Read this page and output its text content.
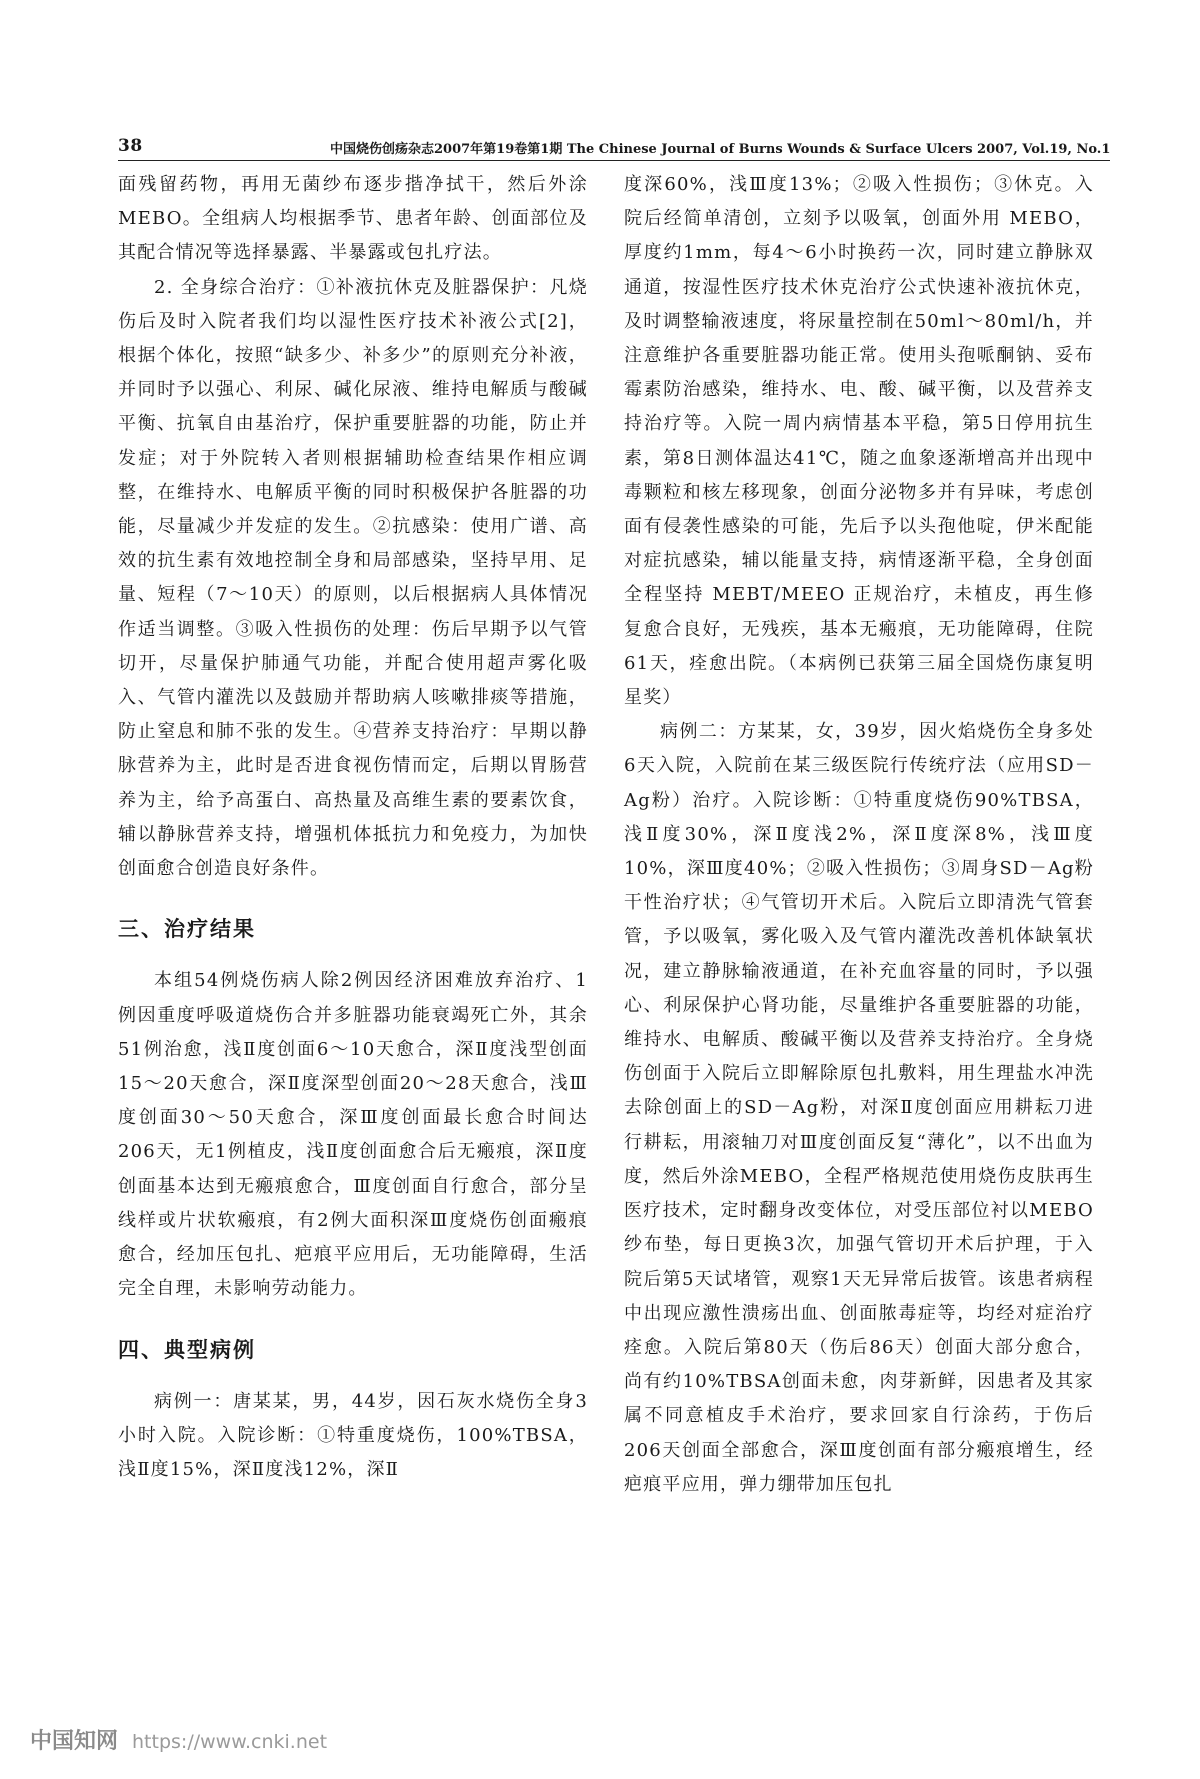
38	中国烧伤创疡杂志2007年第19卷第1期 The Chinese Journal of Burns Wounds & Surface Ulcers 2007, Vol.19, No.1

面残留药物，再用无菌纱布逐步揩净拭干，然后外涂 MEBO。全组病人均根据季节、患者年龄、创面部位及其配合情况等选择暴露、半暴露或包扎疗法。

2. 全身综合治疗：①补液抗休克及脏器保护：凡烧伤后及时入院者我们均以湿性医疗技术补液公式[2]，根据个体化，按照“缺多少、补多少”的原则充分补液，并同时予以强心、利尿、碱化尿液、维持电解质与酸碱平衡、抗氧自由基治疗，保护重要脏器的功能，防止并发症；对于外院转入者则根据辅助检查结果作相应调整，在维持水、电解质平衡的同时积极保护各脏器的功能，尽量减少并发症的发生。②抗感染：使用广谱、高效的抗生素有效地控制全身和局部感染，坚持早用、足量、短程（7～10天）的原则，以后根据病人具体情况作适当调整。③吸入性损伤的处理：伤后早期予以气管切开，尽量保护肺通气功能，并配合使用超声雾化吸入、气管内灌洗以及鼓励并帮助病人咳嗽排痰等措施，防止窒息和肺不张的发生。④营养支持治疗：早期以静脉营养为主，此时是否进食视伤情而定，后期以胃肠营养为主，给予高蛋白、高热量及高维生素的要素饮食，辅以静脉营养支持，增强机体抵抗力和免疫力，为加快创面愈合创造良好条件。

三、治疗结果

本组54例烧伤病人除2例因经济困难放弃治疗、1例因重度呼吸道烧伤合并多脏器功能衰竭死亡外，其余51例治愈，浅Ⅱ度创面6～10天愈合，深Ⅱ度浅型创面15～20天愈合，深Ⅱ度深型创面20～28天愈合，浅Ⅲ度创面30～50天愈合，深Ⅲ度创面最长愈合时间达206天，无1例植皮，浅Ⅱ度创面愈合后无瘢痕，深Ⅱ度创面基本达到无瘢痕愈合，Ⅲ度创面自行愈合，部分呈线样或片状软瘢痕，有2例大面积深Ⅲ度烧伤创面瘢痕愈合，经加压包扎、疤痕平应用后，无功能障碍，生活完全自理，未影响劳动能力。

四、典型病例

病例一：唐某某，男，44岁，因石灰水烧伤全身3小时入院。入院诊断：①特重度烧伤，100%TBSA，浅Ⅱ度15%，深Ⅱ度浅12%，深Ⅱ

度深60%，浅Ⅲ度13%；②吸入性损伤；③休克。入院后经简单清创，立刻予以吸氧，创面外用 MEBO，厚度约1mm，每4～6小时换药一次，同时建立静脉双通道，按湿性医疗技术休克治疗公式快速补液抗休克，及时调整输液速度，将尿量控制在50ml～80ml/h，并注意维护各重要脏器功能正常。使用头孢哌酮钠、妥布霉素防治感染，维持水、电、酸、碱平衡，以及营养支持治疗等。入院一周内病情基本平稳，第5日停用抗生素，第8日测体温达41℃，随之血象逐渐增高并出现中毒颗粒和核左移现象，创面分泌物多并有异味，考虑创面有侵袭性感染的可能，先后予以头孢他啶，伊米配能对症抗感染，辅以能量支持，病情逐渐平稳，全身创面全程坚持 MEBT/MEEO 正规治疗，未植皮，再生修复愈合良好，无残疾，基本无瘢痕，无功能障碍，住院61天，痊愈出院。（本病例已获第三届全国烧伤康复明星奖）

病例二：方某某，女，39岁，因火焰烧伤全身多处6天入院，入院前在某三级医院行传统疗法（应用SD－Ag粉）治疗。入院诊断：①特重度烧伤90%TBSA，浅Ⅱ度30%，深Ⅱ度浅2%，深Ⅱ度深8%，浅Ⅲ度10%，深Ⅲ度40%；②吸入性损伤；③周身SD－Ag粉干性治疗状；④气管切开术后。入院后立即清洗气管套管，予以吸氧，雾化吸入及气管内灌洗改善机体缺氧状况，建立静脉输液通道，在补充血容量的同时，予以强心、利尿保护心肾功能，尽量维护各重要脏器的功能，维持水、电解质、酸碱平衡以及营养支持治疗。全身烧伤创面于入院后立即解除原包扎敷料，用生理盐水冲洗去除创面上的SD－Ag粉，对深Ⅱ度创面应用耕耘刀进行耕耘，用滚轴刀对Ⅲ度创面反复“薄化”，以不出血为度，然后外涂MEBO，全程严格规范使用烧伤皮肤再生医疗技术，定时翻身改变体位，对受压部位衬以MEBO纱布垫，每日更换3次，加强气管切开术后护理，于入院后第5天试堵管，观察1天无异常后拔管。该患者病程中出现应激性溃疡出血、创面脓毒症等，均经对症治疗痊愈。入院后第80天（伤后86天）创面大部分愈合，尚有约10%TBSA创面未愈，肉芽新鲜，因患者及其家属不同意植皮手术治疗，要求回家自行涂药，于伤后206天创面全部愈合，深Ⅲ度创面有部分瘢痕增生，经疤痕平应用，弹力绷带加压包扎

中国知网 https://www.cnki.net
